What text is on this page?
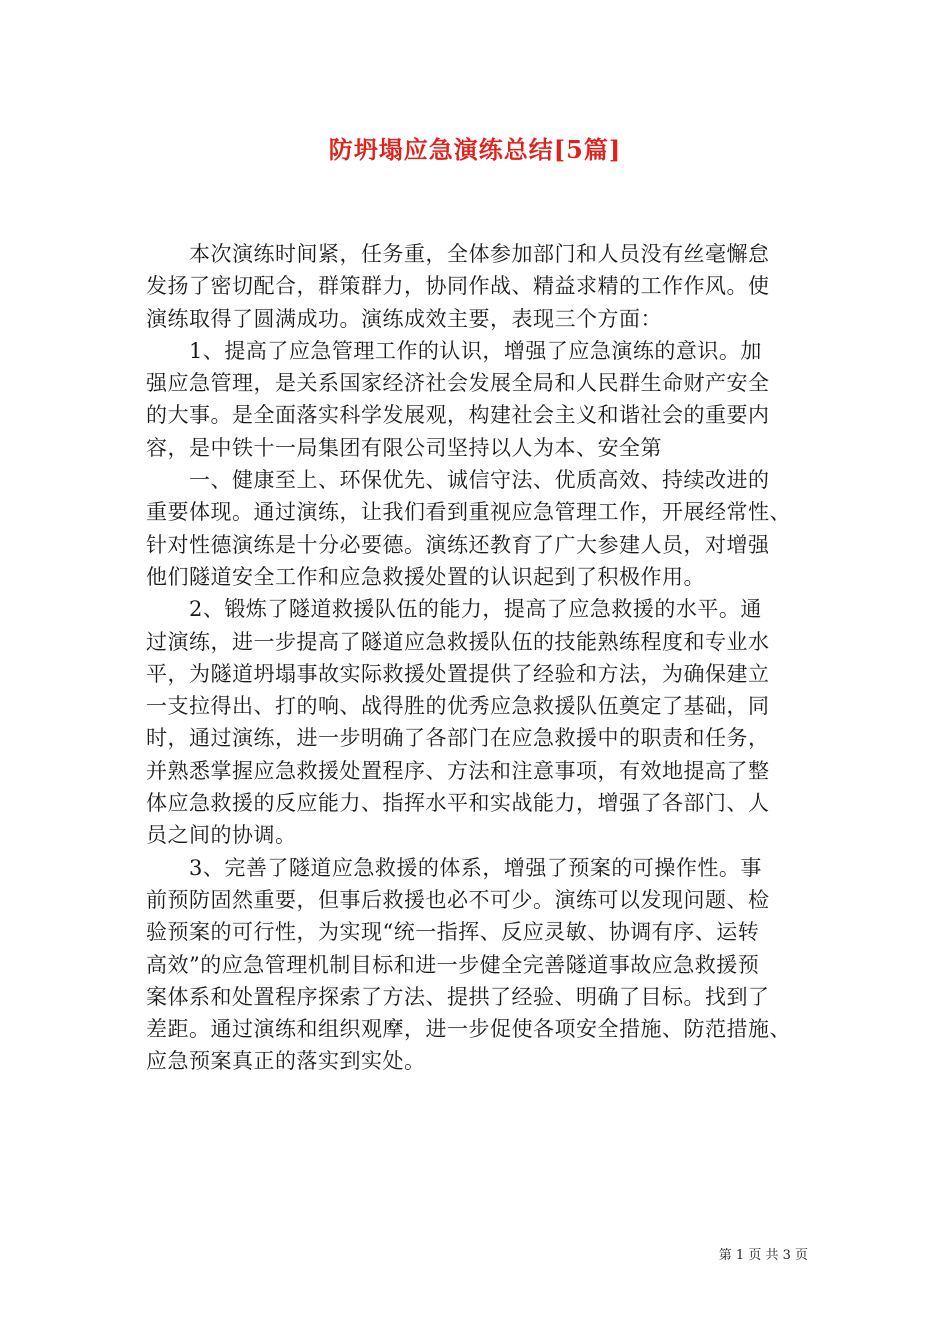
防坍塌应急演练总结[5篇]

　　本次演练时间紧，任务重，全体参加部门和人员没有丝毫懈怠
发扬了密切配合，群策群力，协同作战、精益求精的工作作风。使
演练取得了圆满成功。演练成效主要，表现三个方面：

　　1、提高了应急管理工作的认识，增强了应急演练的意识。加
强应急管理，是关系国家经济社会发展全局和人民群生命财产安全
的大事。是全面落实科学发展观，构建社会主义和谐社会的重要内
容，是中铁十一局集团有限公司坚持以人为本、安全第

　　一、健康至上、环保优先、诚信守法、优质高效、持续改进的
重要体现。通过演练，让我们看到重视应急管理工作，开展经常性、
针对性德演练是十分必要德。演练还教育了广大参建人员，对增强
他们隧道安全工作和应急救援处置的认识起到了积极作用。

　　2、锻炼了隧道救援队伍的能力，提高了应急救援的水平。通
过演练，进一步提高了隧道应急救援队伍的技能熟练程度和专业水
平，为隧道坍塌事故实际救援处置提供了经验和方法，为确保建立
一支拉得出、打的响、战得胜的优秀应急救援队伍奠定了基础，同
时，通过演练，进一步明确了各部门在应急救援中的职责和任务，
并熟悉掌握应急救援处置程序、方法和注意事项，有效地提高了整
体应急救援的反应能力、指挥水平和实战能力，增强了各部门、人
员之间的协调。

　　3、完善了隧道应急救援的体系，增强了预案的可操作性。事
前预防固然重要，但事后救援也必不可少。演练可以发现问题、检
验预案的可行性，为实现“统一指挥、反应灵敏、协调有序、运转
高效”的应急管理机制目标和进一步健全完善隧道事故应急救援预
案体系和处置程序探索了方法、提拱了经验、明确了目标。找到了
差距。通过演练和组织观摩，进一步促使各项安全措施、防范措施、
应急预案真正的落实到实处。

第 1 页 共 3 页
